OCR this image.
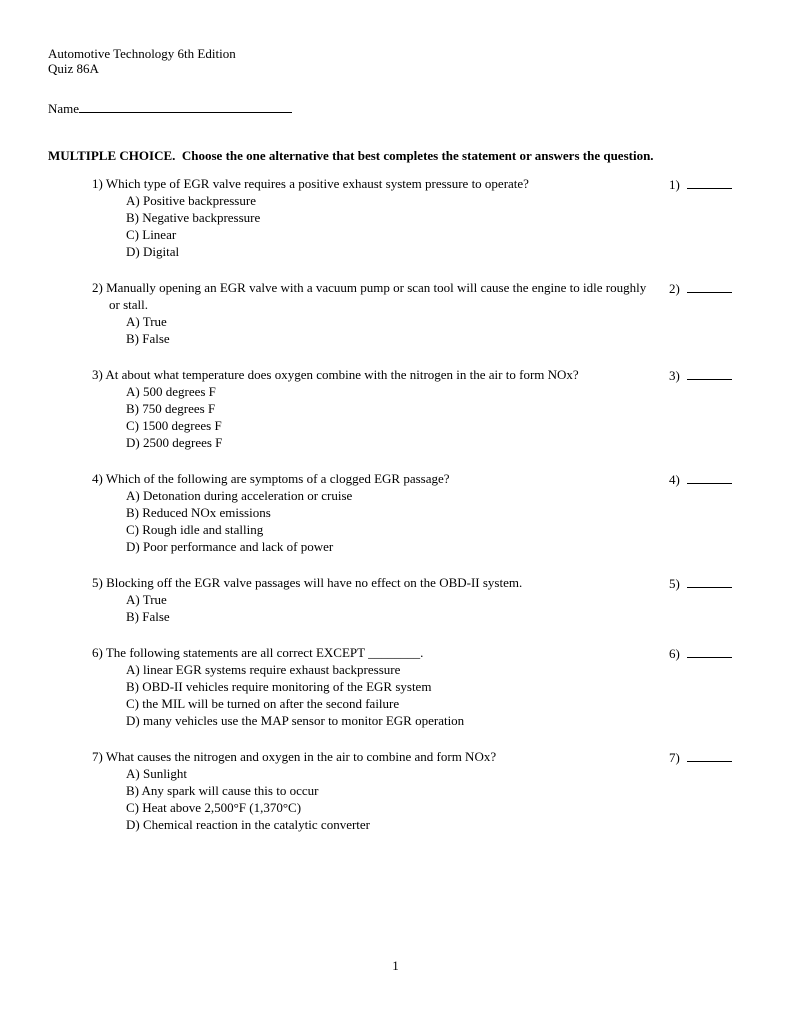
Automotive Technology 6th Edition
Quiz 86A
Name
MULTIPLE CHOICE.  Choose the one alternative that best completes the statement or answers the question.
1) Which type of EGR valve requires a positive exhaust system pressure to operate?
A) Positive backpressure
B) Negative backpressure
C) Linear
D) Digital
1)
2) Manually opening an EGR valve with a vacuum pump or scan tool will cause the engine to idle roughly or stall.
A) True
B) False
2)
3) At about what temperature does oxygen combine with the nitrogen in the air to form NOx?
A) 500 degrees F
B) 750 degrees F
C) 1500 degrees F
D) 2500 degrees F
3)
4) Which of the following are symptoms of a clogged EGR passage?
A) Detonation during acceleration or cruise
B) Reduced NOx emissions
C) Rough idle and stalling
D) Poor performance and lack of power
4)
5) Blocking off the EGR valve passages will have no effect on the OBD-II system.
A) True
B) False
5)
6) The following statements are all correct EXCEPT ________.
A) linear EGR systems require exhaust backpressure
B) OBD-II vehicles require monitoring of the EGR system
C) the MIL will be turned on after the second failure
D) many vehicles use the MAP sensor to monitor EGR operation
6)
7) What causes the nitrogen and oxygen in the air to combine and form NOx?
A) Sunlight
B) Any spark will cause this to occur
C) Heat above 2,500°F (1,370°C)
D) Chemical reaction in the catalytic converter
7)
1
